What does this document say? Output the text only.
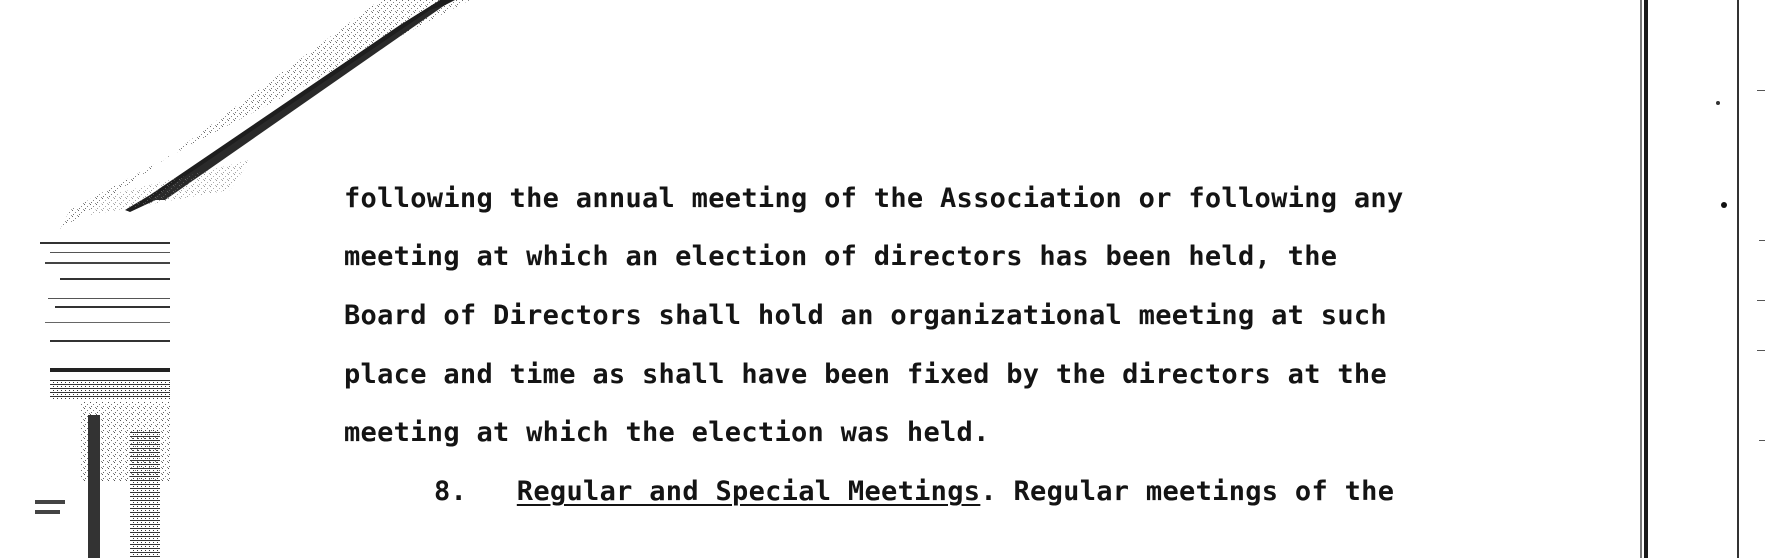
following the annual meeting of the Association or following any
meeting at which an election of directors has been held, the
Board of Directors shall hold an organizational meeting at such
place and time as shall have been fixed by the directors at the
meeting at which the election was held.
8. Regular and Special Meetings. Regular meetings of the
